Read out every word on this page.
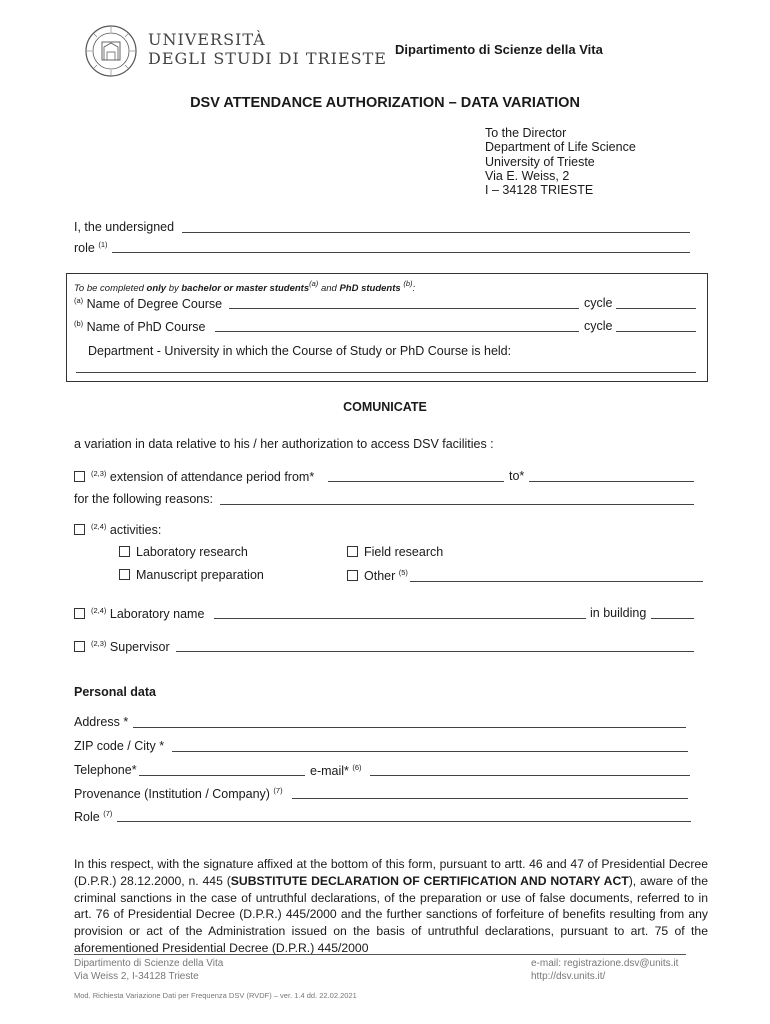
UNIVERSITÀ
DEGLI STUDI DI TRIESTE Dipartimento di Scienze della Vita
DSV ATTENDANCE AUTHORIZATION – DATA VARIATION
To the Director
Department of Life Science
University of Trieste
Via E. Weiss, 2
I – 34128 TRIESTE
I, the undersigned
role $^{(1)}$
To be completed only by bachelor or master students$^{(a)}$ and PhD students $^{(b)}$:
$^{(a)}$ Name of Degree Course	cycle
$^{(b)}$ Name of PhD Course	cycle
Department - University in which the Course of Study or PhD Course is held:
COMUNICATE
a variation in data relative to his / her authorization to access DSV facilities :
$^{(2,3)}$ extension of attendance period from*	to*
for the following reasons:
$^{(2,4)}$ activities:
Laboratory research	Field research
Manuscript preparation	Other $^{(5)}$
$^{(2,4)}$ Laboratory name	in building
$^{(2,3)}$ Supervisor
Personal data
Address *
ZIP code / City *
Telephone*	e-mail* $^{(6)}$
Provenance (Institution / Company) $^{(7)}$
Role $^{(7)}$
In this respect, with the signature affixed at the bottom of this form, pursuant to artt. 46 and 47 of Presidential Decree (D.P.R.) 28.12.2000, n. 445 (SUBSTITUTE DECLARATION OF CERTIFICATION AND NOTARY ACT), aware of the criminal sanctions in the case of untruthful declarations, of the preparation or use of false documents, referred to in art. 76 of Presidential Decree (D.P.R.) 445/2000 and the further sanctions of forfeiture of benefits resulting from any provision or act of the Administration issued on the basis of untruthful declarations, pursuant to art. 75 of the aforementioned Presidential Decree (D.P.R.) 445/2000
Dipartimento di Scienze della Vita
Via Weiss 2, I-34128 Trieste
e-mail: registrazione.dsv@units.it
http://dsv.units.it/
Mod. Richiesta Variazione Dati per Frequenza DSV (RVDF) – ver. 1.4 dd. 22.02.2021
